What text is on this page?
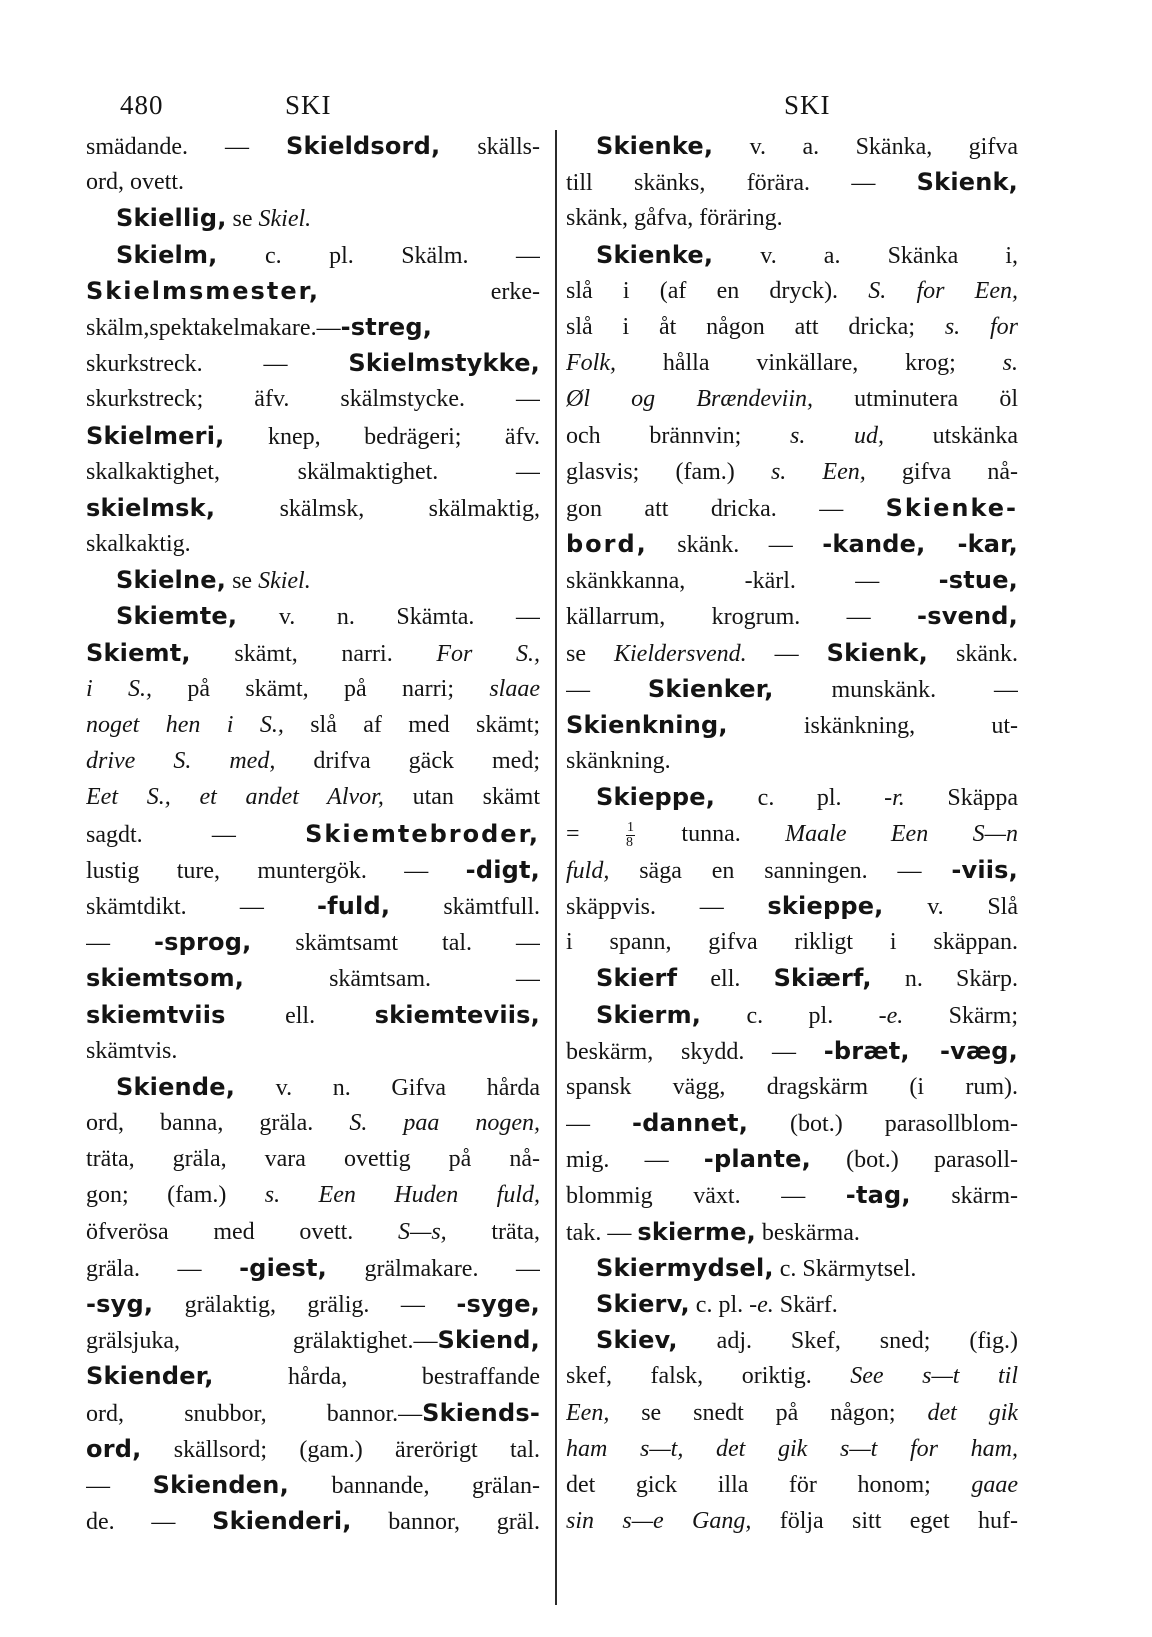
480	SKI	SKI
smädande. — Skieldsord, skälls-
ord, ovett.
Skiellig, se Skiel.
Skielm, c. pl. Skälm. —
Skielmsmester, erke-
skälm,spektakelmakare.—-streg,
skurkstreck. — Skielmstykke,
skurkstreck; äfv. skälmstycke. —
Skielmeri, knep, bedrägeri; äfv.
skalkaktighet, skälmaktighet. —
skielmsk, skälmsk, skälmaktig,
skalkaktig.
Skielne, se Skiel.
Skiemte, v. n. Skämta. —
Skiemt, skämt, narri. For S.,
i S., på skämt, på narri; slaae
noget hen i S., slå af med skämt;
drive S. med, drifva gäck med;
Eet S., et andet Alvor, utan skämt
sagdt. — Skiemtebroder,
lustig ture, muntergök. — -digt,
skämtdikt. — -fuld, skämtfull.
— -sprog, skämtsamt tal. —
skiemtsom, skämtsam. —
skiemtviis ell. skiemteviis,
skämtvis.
Skiende, v. n. Gifva hårda
ord, banna, gräla. S. paa nogen,
träta, gräla, vara ovettig på nå-
gon; (fam.) s. Een Huden fuld,
öfverösa med ovett. S—s, träta,
gräla. — -giest, grälmakare. —
-syg, grälaktig, grälig. — -syge,
grälsjuka, grälaktighet.—Skiend,
Skiender, hårda, bestraffande
ord, snubbor, bannor.—Skiends-
ord, skällsord; (gam.) ärerörigt tal.
— Skienden, bannande, grälan-
de. — Skienderi, bannor, gräl.
Skienke, v. a. Skänka, gifva
till skänks, förära. — Skienk,
skänk, gåfva, föräring.
Skienke, v. a. Skänka i,
slå i (af en dryck). S. for Een,
slå i åt någon att dricka; s. for
Folk, hålla vinkällare, krog; s.
Øl og Brændeviin, utminutera öl
och brännvin; s. ud, utskänka
glasvis; (fam.) s. Een, gifva nå-
gon att dricka. — Skienke-
bord, skänk. — -kande, -kar,
skänkkanna, -kärl. — -stue,
källarrum, krogrum. — -svend,
se Kieldersvend. — Skienk, skänk.
— Skienker, munskänk. —
Skienkning, iskänkning, ut-
skänkning.
Skieppe, c. pl. -r. Skäppa
= $\frac{1}{8}$ tunna. Maale Een S—n
fuld, säga en sanningen. — -viis,
skäppvis. — skieppe, v. Slå
i spann, gifva rikligt i skäppan.
Skierf ell. Skiærf, n. Skärp.
Skierm, c. pl. -e. Skärm;
beskärm, skydd. — -bræt, -væg,
spansk vägg, dragskärm (i rum).
— -dannet, (bot.) parasollblom-
mig. — -plante, (bot.) parasoll-
blommig växt. — -tag, skärm-
tak. — skierme, beskärma.
Skiermydsel, c. Skärmytsel.
Skierv, c. pl. -e. Skärf.
Skiev, adj. Skef, sned; (fig.)
skef, falsk, oriktig. See s—t til
Een, se snedt på någon; det gik
ham s—t, det gik s—t for ham,
det gick illa för honom; gaae
sin s—e Gang, följa sitt eget huf-
